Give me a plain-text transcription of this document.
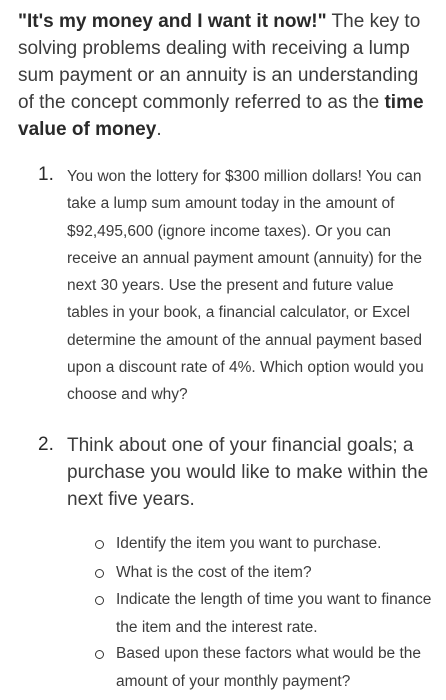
"It's my money and I want it now!" The key to solving problems dealing with receiving a lump sum payment or an annuity is an understanding of the concept commonly referred to as the time value of money.

1. You won the lottery for $300 million dollars! You can take a lump sum amount today in the amount of $92,495,600 (ignore income taxes). Or you can receive an annual payment amount (annuity) for the next 30 years. Use the present and future value tables in your book, a financial calculator, or Excel determine the amount of the annual payment based upon a discount rate of 4%. Which option would you choose and why?

2. Think about one of your financial goals; a purchase you would like to make within the next five years.

Identify the item you want to purchase.

What is the cost of the item?

Indicate the length of time you want to finance the item and the interest rate.

Based upon these factors what would be the amount of your monthly payment?
